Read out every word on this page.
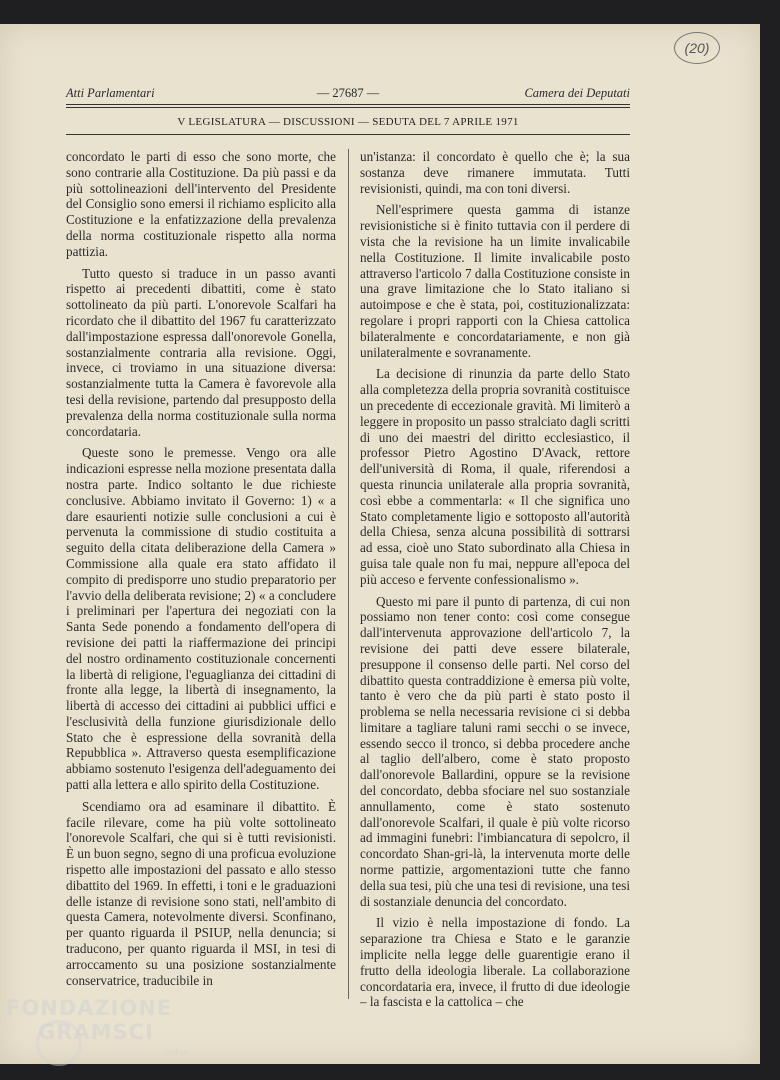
(20)
Atti Parlamentari	— 27687 —	Camera dei Deputati
V LEGISLATURA — DISCUSSIONI — SEDUTA DEL 7 APRILE 1971

concordato le parti di esso che sono morte, che sono contrarie alla Costituzione. Da più passi e da più sottolineazioni dell'intervento del Presidente del Consiglio sono emersi il richiamo esplicito alla Costituzione e la enfatizzazione della prevalenza della norma costituzionale rispetto alla norma pattizia.

Tutto questo si traduce in un passo avanti rispetto ai precedenti dibattiti, come è stato sottolineato da più parti. L'onorevole Scalfari ha ricordato che il dibattito del 1967 fu caratterizzato dall'impostazione espressa dall'onorevole Gonella, sostanzialmente contraria alla revisione. Oggi, invece, ci troviamo in una situazione diversa: sostanzialmente tutta la Camera è favorevole alla tesi della revisione, partendo dal presupposto della prevalenza della norma costituzionale sulla norma concordataria.

Queste sono le premesse. Vengo ora alle indicazioni espresse nella mozione presentata dalla nostra parte. Indico soltanto le due richieste conclusive. Abbiamo invitato il Governo: 1) « a dare esaurienti notizie sulle conclusioni a cui è pervenuta la commissione di studio costituita a seguito della citata deliberazione della Camera » Commissione alla quale era stato affidato il compito di predisporre uno studio preparatorio per l'avvio della deliberata revisione; 2) « a concludere i preliminari per l'apertura dei negoziati con la Santa Sede ponendo a fondamento dell'opera di revisione dei patti la riaffermazione dei principi del nostro ordinamento costituzionale concernenti la libertà di religione, l'eguaglianza dei cittadini di fronte alla legge, la libertà di insegnamento, la libertà di accesso dei cittadini ai pubblici uffici e l'esclusività della funzione giurisdizionale dello Stato che è espressione della sovranità della Repubblica ». Attraverso questa esemplificazione abbiamo sostenuto l'esigenza dell'adeguamento dei patti alla lettera e allo spirito della Costituzione.

Scendiamo ora ad esaminare il dibattito. È facile rilevare, come ha più volte sottolineato l'onorevole Scalfari, che qui si è tutti revisionisti. È un buon segno, segno di una proficua evoluzione rispetto alle impostazioni del passato e allo stesso dibattito del 1969. In effetti, i toni e le graduazioni delle istanze di revisione sono stati, nell'ambito di questa Camera, notevolmente diversi. Sconfinano, per quanto riguarda il PSIUP, nella denuncia; si traducono, per quanto riguarda il MSI, in tesi di arroccamento su una posizione sostanzialmente conservatrice, traducibile in

un'istanza: il concordato è quello che è; la sua sostanza deve rimanere immutata. Tutti revisionisti, quindi, ma con toni diversi.

Nell'esprimere questa gamma di istanze revisionistiche si è finito tuttavia con il perdere di vista che la revisione ha un limite invalicabile nella Costituzione. Il limite invalicabile posto attraverso l'articolo 7 dalla Costituzione consiste in una grave limitazione che lo Stato italiano si autoimpose e che è stata, poi, costituzionalizzata: regolare i propri rapporti con la Chiesa cattolica bilateralmente e concordatariamente, e non già unilateralmente e sovranamente.

La decisione di rinunzia da parte dello Stato alla completezza della propria sovranità costituisce un precedente di eccezionale gravità. Mi limiterò a leggere in proposito un passo stralciato dagli scritti di uno dei maestri del diritto ecclesiastico, il professor Pietro Agostino D'Avack, rettore dell'università di Roma, il quale, riferendosi a questa rinuncia unilaterale alla propria sovranità, così ebbe a commentarla: « Il che significa uno Stato completamente ligio e sottoposto all'autorità della Chiesa, senza alcuna possibilità di sottrarsi ad essa, cioè uno Stato subordinato alla Chiesa in guisa tale quale non fu mai, neppure all'epoca del più acceso e fervente confessionalismo ».

Questo mi pare il punto di partenza, di cui non possiamo non tener conto: così come consegue dall'intervenuta approvazione dell'articolo 7, la revisione dei patti deve essere bilaterale, presuppone il consenso delle parti. Nel corso del dibattito questa contraddizione è emersa più volte, tanto è vero che da più parti è stato posto il problema se nella necessaria revisione ci si debba limitare a tagliare taluni rami secchi o se invece, essendo secco il tronco, si debba procedere anche al taglio dell'albero, come è stato proposto dall'onorevole Ballardini, oppure se la revisione del concordato, debba sfociare nel suo sostanziale annullamento, come è stato sostenuto dall'onorevole Scalfari, il quale è più volte ricorso ad immagini funebri: l'imbiancatura di sepolcro, il concordato Shan-gri-là, la intervenuta morte delle norme pattizie, argomentazioni tutte che fanno della sua tesi, più che una tesi di revisione, una tesi di sostanziale denuncia del concordato.

Il vizio è nella impostazione di fondo. La separazione tra Chiesa e Stato e le garanzie implicite nella legge delle guarentigie erano il frutto della ideologia liberale. La collaborazione concordataria era, invece, il frutto di due ideologie – la fascista e la cattolica – che

FONDAZIONE
GRAMSCI
onlus
